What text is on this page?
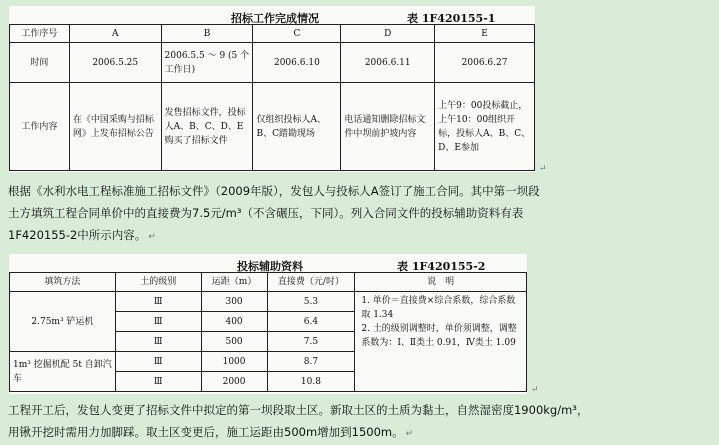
招标工作完成情况	表 1F420155-1
工作序号	A	B	C	D	E
时间	2006.5.25	2006.5.5 ～ 9 (5 个工作日)	2006.6.10	2006.6.11	2006.6.27
工作内容	在《中国采购与招标网》上发布招标公告	发售招标文件，投标人A、B、C、D、E购买了招标文件	仅组织投标人A、B、C踏勘现场	电话通知删除招标文件中坝前护坡内容	上午9：00投标截止，上午10：00组织开标，投标人A、B、C、D、E参加
↵
根据《水利水电工程标准施工招标文件》（2009年版），发包人与投标人A签订了施工合同。其中第一坝段
土方填筑工程合同单价中的直接费为7.5元/m³（不含碾压，下同）。列入合同文件的投标辅助资料有表
1F420155-2中所示内容。 ↵
投标辅助资料	表 1F420155-2
填筑方法	土的级别	运距（m）	直接费（元/时）	说　明
2.75m³ 铲运机	Ⅲ	300	5.3	1. 单价＝直接费×综合系数，综合系数取 1.34
2. 土的级别调整时，单价须调整，调整系数为：Ⅰ、Ⅱ类土 0.91，Ⅳ类土 1.09

	Ⅲ	400	6.4	
	Ⅲ	500	7.5	
1m³ 挖掘机配 5t 自卸汽车	Ⅲ	1000	8.7	
	Ⅲ	2000	10.8	
↵
工程开工后，发包人变更了招标文件中拟定的第一坝段取土区。新取土区的土质为黏土，自然湿密度1900kg/m³，
用锹开挖时需用力加脚踩。取土区变更后，施工运距由500m增加到1500m。 ↵
